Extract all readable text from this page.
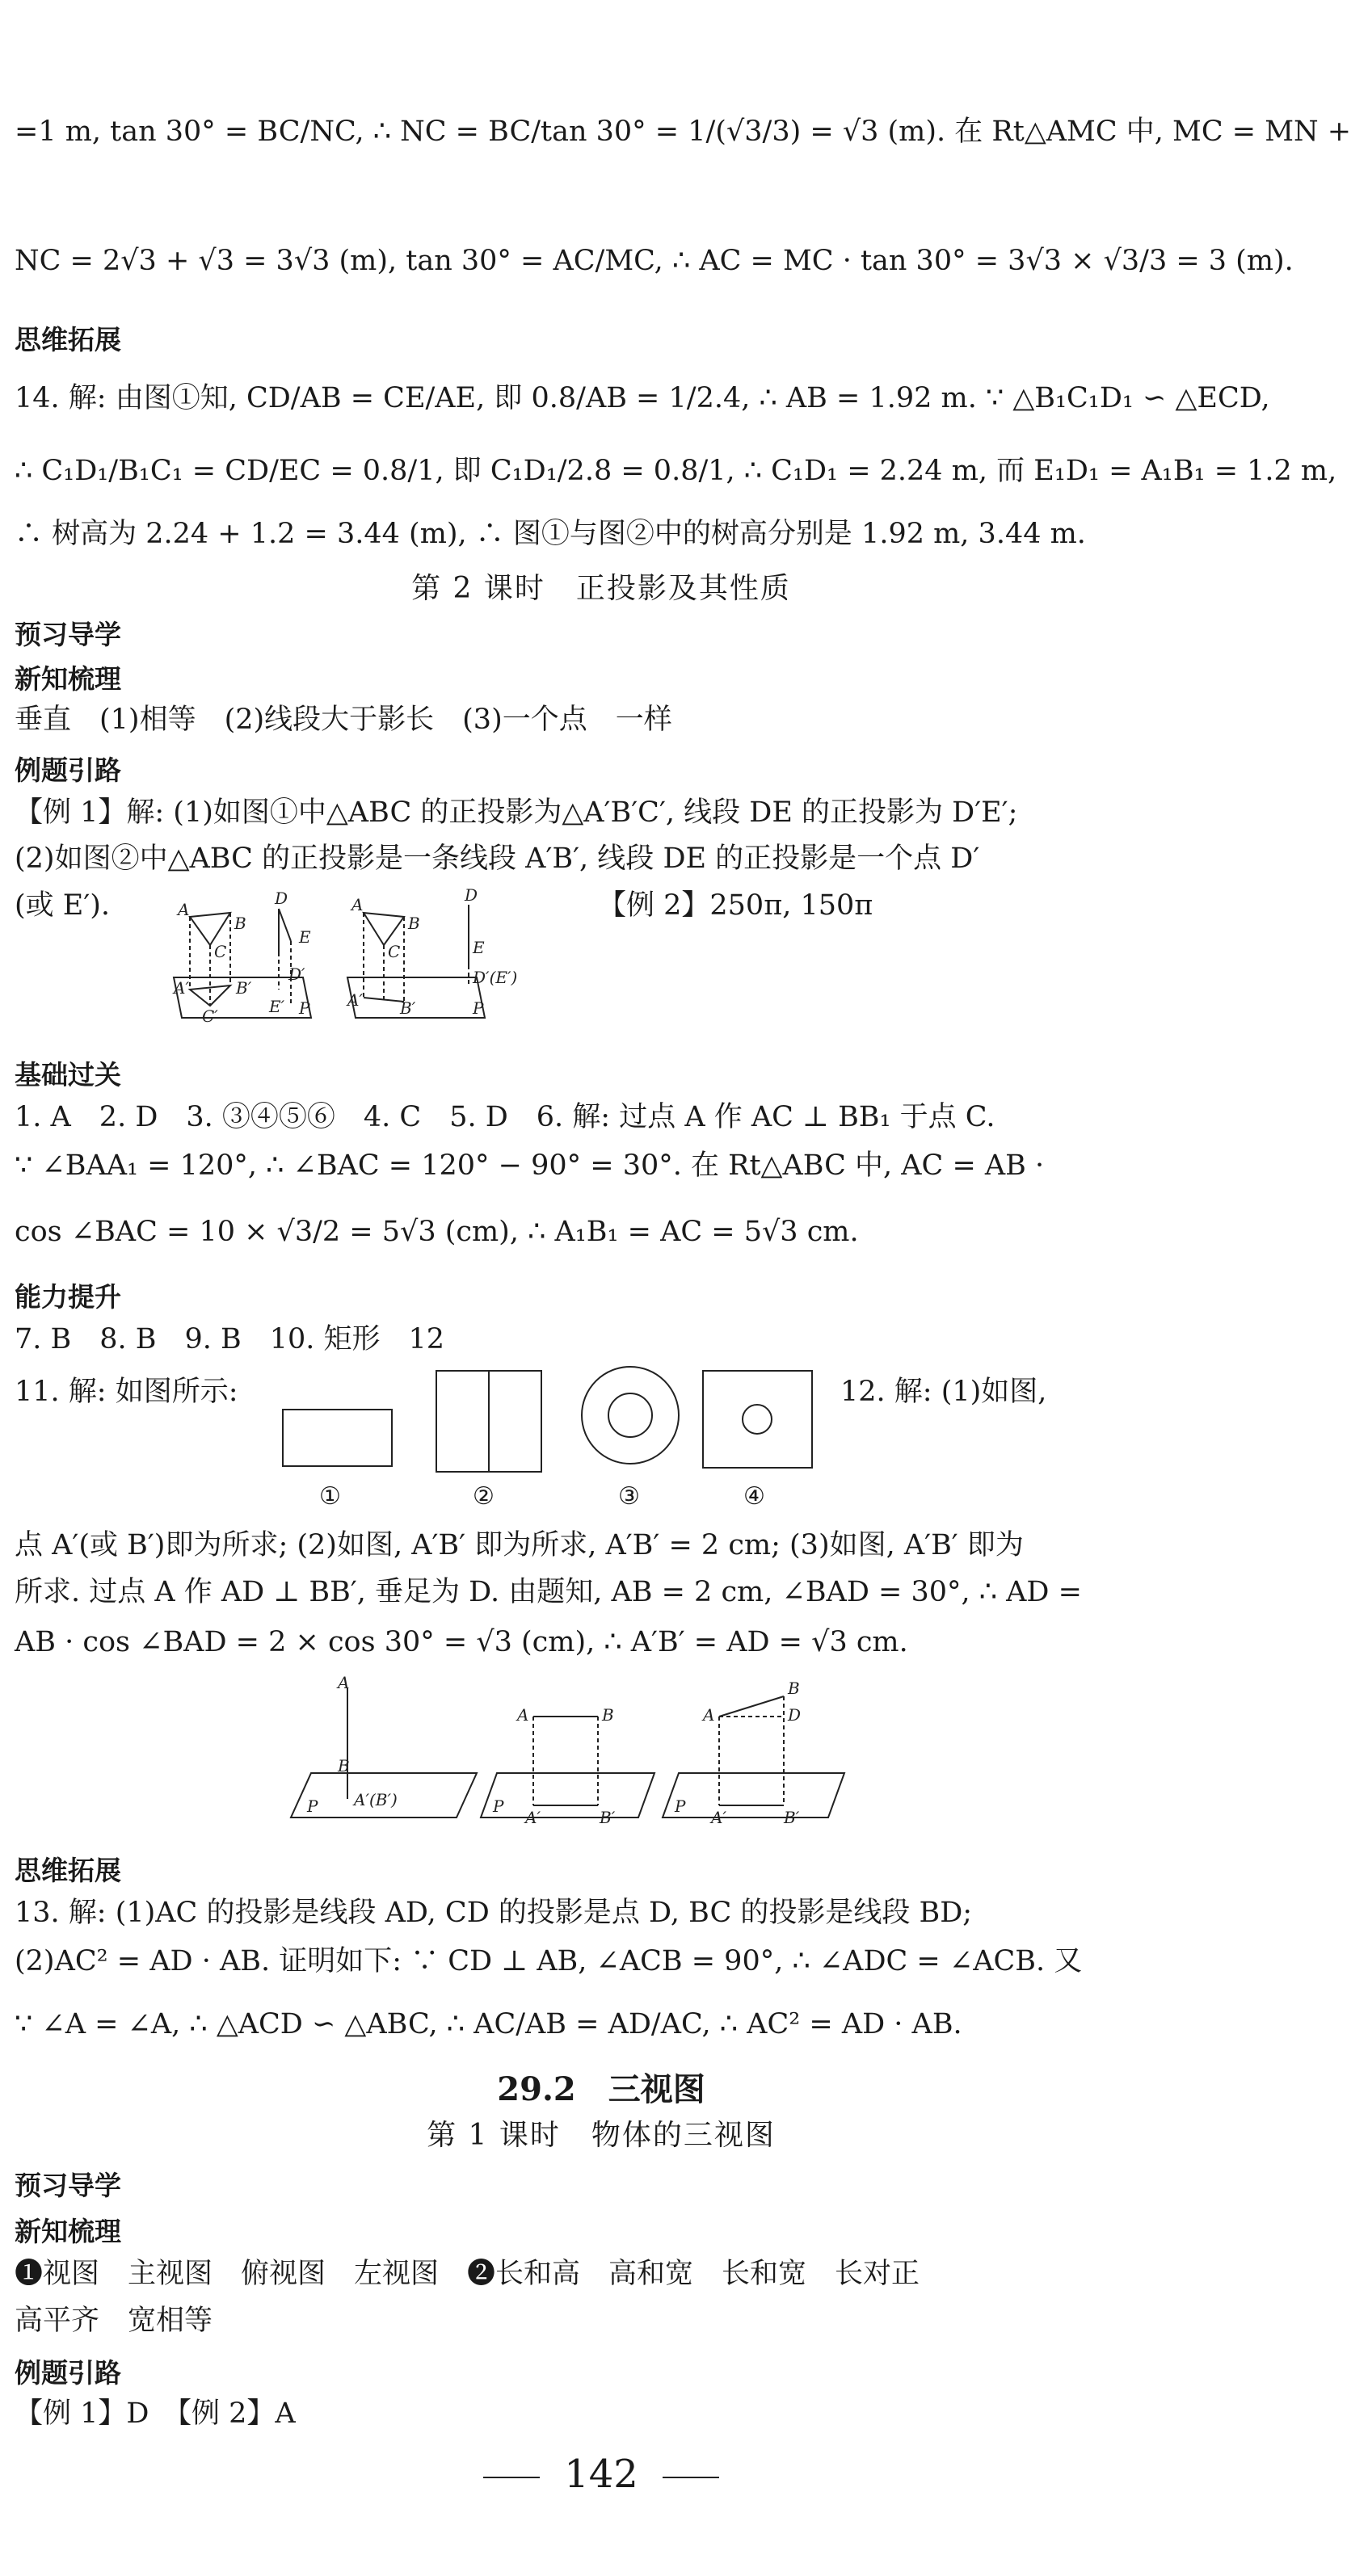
=1 m, tan 30° = BC/NC, ∴ NC = BC/tan 30° = 1/(√3/3) = √3 (m). 在 Rt△AMC 中, MC = MN +
NC = 2√3 + √3 = 3√3 (m), tan 30° = AC/MC, ∴ AC = MC · tan 30° = 3√3 × √3/3 = 3 (m).
思维拓展
14. 解: 由图①知, CD/AB = CE/AE, 即 0.8/AB = 1/2.4, ∴ AB = 1.92 m. ∵ △B₁C₁D₁ ∽ △ECD,
∴ C₁D₁/B₁C₁ = CD/EC = 0.8/1, 即 C₁D₁/2.8 = 0.8/1, ∴ C₁D₁ = 2.24 m, 而 E₁D₁ = A₁B₁ = 1.2 m,
∴ 树高为 2.24 + 1.2 = 3.44 (m), ∴ 图①与图②中的树高分别是 1.92 m, 3.44 m.
第 2 课时　正投影及其性质
预习导学
新知梳理
垂直　(1)相等　(2)线段大于影长　(3)一个点　一样
例题引路
【例 1】解: (1)如图①中△ABC 的正投影为△A′B′C′, 线段 DE 的正投影为 D′E′;
(2)如图②中△ABC 的正投影是一条线段 A′B′, 线段 DE 的正投影是一个点 D′
(或 E′).	【例 2】250π, 150π
A
B
C
D
E
D′
P
A′	B′
C′	E′
A
B
C
D
E
D′(E′)
P
A′ B′
基础过关
1. A　2. D　3. ③④⑤⑥　4. C　5. D　6. 解: 过点 A 作 AC ⊥ BB₁ 于点 C.
∵ ∠BAA₁ = 120°, ∴ ∠BAC = 120° − 90° = 30°. 在 Rt△ABC 中, AC = AB ·
cos ∠BAC = 10 × √3/2 = 5√3 (cm), ∴ A₁B₁ = AC = 5√3 cm.
能力提升
7. B　8. B　9. B　10. 矩形　12
11. 解: 如图所示:	12. 解: (1)如图,
①	②	③	④
点 A′(或 B′)即为所求; (2)如图, A′B′ 即为所求, A′B′ = 2 cm; (3)如图, A′B′ 即为
所求. 过点 A 作 AD ⊥ BB′, 垂足为 D. 由题知, AB = 2 cm, ∠BAD = 30°, ∴ AD =
AB · cos ∠BAD = 2 × cos 30° = √3 (cm), ∴ A′B′ = AD = √3 cm.
A
B
A′(B′)
P
A	B
P
A′	B′
A
B
D
P
A′	B′
思维拓展
13. 解: (1)AC 的投影是线段 AD, CD 的投影是点 D, BC 的投影是线段 BD;
(2)AC² = AD · AB. 证明如下: ∵ CD ⊥ AB, ∠ACB = 90°, ∴ ∠ADC = ∠ACB. 又
∵ ∠A = ∠A, ∴ △ACD ∽ △ABC, ∴ AC/AB = AD/AC, ∴ AC² = AD · AB.
29.2　三视图
第 1 课时　物体的三视图
预习导学
新知梳理
❶视图　主视图　俯视图　左视图　❷长和高　高和宽　长和宽　长对正
高平齐　宽相等
例题引路
【例 1】D　【例 2】A
142
